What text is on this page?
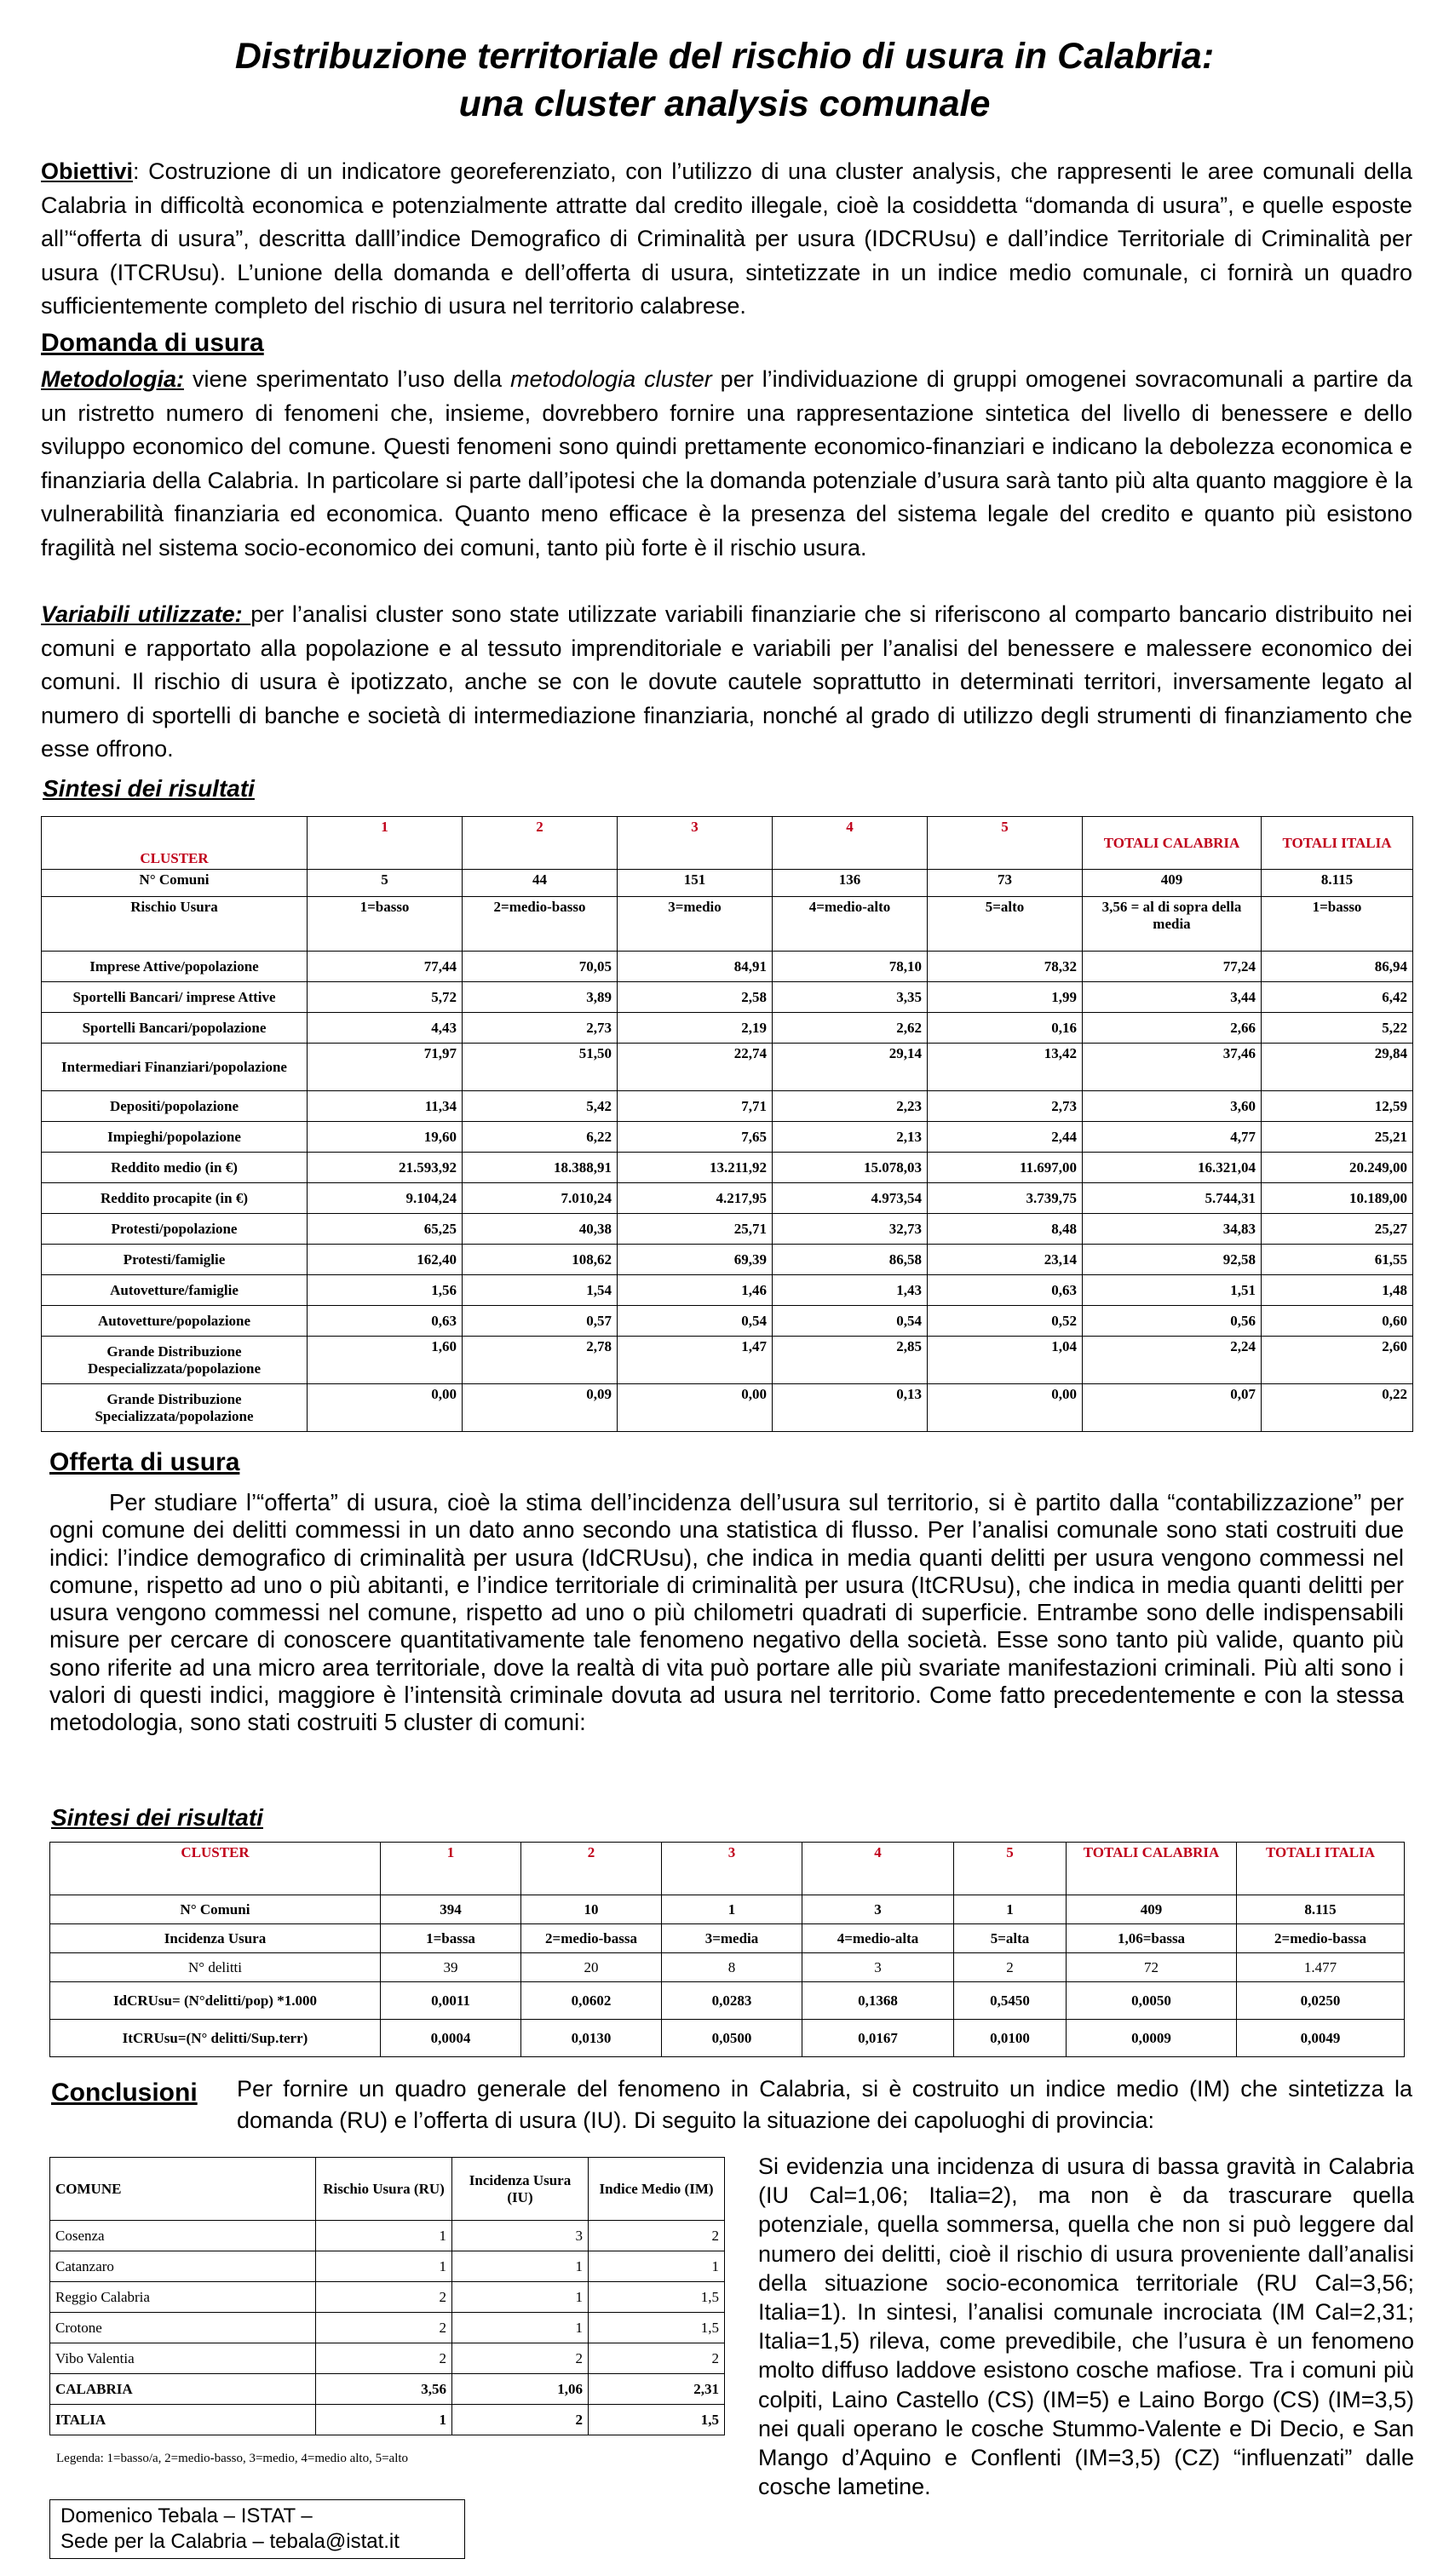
Distribuzione territoriale del rischio di usura in Calabria:
una cluster analysis comunale
Obiettivi: Costruzione di un indicatore georeferenziato, con l’utilizzo di una cluster analysis, che rappresenti le aree comunali della Calabria in difficoltà economica e potenzialmente attratte dal credito illegale, cioè la cosiddetta “domanda di usura”, e quelle esposte all’“offerta di usura”, descritta dalll’indice Demografico di Criminalità per usura (IDCRUsu) e dall’indice Territoriale di Criminalità per usura (ITCRUsu). L’unione della domanda e dell’offerta di usura, sintetizzate in un indice medio comunale, ci fornirà un quadro sufficientemente completo del rischio di usura nel territorio calabrese.
Domanda di usura
Metodologia: viene sperimentato l’uso della metodologia cluster per l’individuazione di gruppi omogenei sovracomunali a partire da un ristretto numero di fenomeni che, insieme, dovrebbero fornire una rappresentazione sintetica del livello di benessere e dello sviluppo economico del comune. Questi fenomeni sono quindi prettamente economico-finanziari e indicano la debolezza economica e finanziaria della Calabria. In particolare si parte dall’ipotesi che la domanda potenziale d’usura sarà tanto più alta quanto maggiore è la vulnerabilità finanziaria ed economica. Quanto meno efficace è la presenza del sistema legale del credito e quanto più esistono fragilità nel sistema socio-economico dei comuni, tanto più forte è il rischio usura.
Variabili utilizzate: per l’analisi cluster sono state utilizzate variabili finanziarie che si riferiscono al comparto bancario distribuito nei comuni e rapportato alla popolazione e al tessuto imprenditoriale e variabili per l’analisi del benessere e malessere economico dei comuni. Il rischio di usura è ipotizzato, anche se con le dovute cautele soprattutto in determinati territori, inversamente legato al numero di sportelli di banche e società di intermediazione finanziaria, nonché al grado di utilizzo degli strumenti di finanziamento che esse offrono.
Sintesi dei risultati
CLUSTER	1	2	3	4	5	TOTALI CALABRIA	TOTALI ITALIA
N° Comuni	5	44	151	136	73	409	8.115
Rischio Usura	1=basso	2=medio-basso	3=medio	4=medio-alto	5=alto	3,56 = al di sopra della media	1=basso
Imprese Attive/popolazione	77,44	70,05	84,91	78,10	78,32	77,24	86,94
Sportelli Bancari/ imprese Attive	5,72	3,89	2,58	3,35	1,99	3,44	6,42
Sportelli Bancari/popolazione	4,43	2,73	2,19	2,62	0,16	2,66	5,22
Intermediari Finanziari/popolazione	71,97	51,50	22,74	29,14	13,42	37,46	29,84
Depositi/popolazione	11,34	5,42	7,71	2,23	2,73	3,60	12,59
Impieghi/popolazione	19,60	6,22	7,65	2,13	2,44	4,77	25,21
Reddito medio (in €)	21.593,92	18.388,91	13.211,92	15.078,03	11.697,00	16.321,04	20.249,00
Reddito procapite (in €)	9.104,24	7.010,24	4.217,95	4.973,54	3.739,75	5.744,31	10.189,00
Protesti/popolazione	65,25	40,38	25,71	32,73	8,48	34,83	25,27
Protesti/famiglie	162,40	108,62	69,39	86,58	23,14	92,58	61,55
Autovetture/famiglie	1,56	1,54	1,46	1,43	0,63	1,51	1,48
Autovetture/popolazione	0,63	0,57	0,54	0,54	0,52	0,56	0,60
Grande Distribuzione Despecializzata/popolazione	1,60	2,78	1,47	2,85	1,04	2,24	2,60
Grande Distribuzione Specializzata/popolazione	0,00	0,09	0,00	0,13	0,00	0,07	0,22
Offerta di usura
Per studiare l’“offerta” di usura, cioè la stima dell’incidenza dell’usura sul territorio, si è partito dalla “contabilizzazione” per ogni comune dei delitti commessi in un dato anno secondo una statistica di flusso. Per l’analisi comunale sono stati costruiti due indici: l’indice demografico di criminalità per usura (IdCRUsu), che indica in media quanti delitti per usura vengono commessi nel comune, rispetto ad uno o più abitanti, e l’indice territoriale di criminalità per usura (ItCRUsu), che indica in media quanti delitti per usura vengono commessi nel comune, rispetto ad uno o più chilometri quadrati di superficie. Entrambe sono delle indispensabili misure per cercare di conoscere quantitativamente tale fenomeno negativo della società. Esse sono tanto più valide, quanto più sono riferite ad una micro area territoriale, dove la realtà di vita può portare alle più svariate manifestazioni criminali. Più alti sono i valori di questi indici, maggiore è l’intensità criminale dovuta ad usura nel territorio. Come fatto precedentemente e con la stessa metodologia, sono stati costruiti 5 cluster di comuni:
Sintesi dei risultati
CLUSTER	1	2	3	4	5	TOTALI CALABRIA	TOTALI ITALIA
N° Comuni	394	10	1	3	1	409	8.115
Incidenza Usura	1=bassa	2=medio-bassa	3=media	4=medio-alta	5=alta	1,06=bassa	2=medio-bassa
N° delitti	39	20	8	3	2	72	1.477
IdCRUsu= (N°delitti/pop) *1.000	0,0011	0,0602	0,0283	0,1368	0,5450	0,0050	0,0250
ItCRUsu=(N° delitti/Sup.terr)	0,0004	0,0130	0,0500	0,0167	0,0100	0,0009	0,0049
Conclusioni Per fornire un quadro generale del fenomeno in Calabria, si è costruito un indice medio (IM) che sintetizza la domanda (RU) e l’offerta di usura (IU). Di seguito la situazione dei capoluoghi di provincia:
COMUNE	Rischio Usura (RU)	Incidenza Usura (IU)	Indice Medio (IM)
Cosenza	1	3	2
Catanzaro	1	1	1
Reggio Calabria	2	1	1,5
Crotone	2	1	1,5
Vibo Valentia	2	2	2
CALABRIA	3,56	1,06	2,31
ITALIA	1	2	1,5
Legenda: 1=basso/a, 2=medio-basso, 3=medio, 4=medio alto, 5=alto
Si evidenzia una incidenza di usura di bassa gravità in Calabria (IU Cal=1,06; Italia=2), ma non è da trascurare quella potenziale, quella sommersa, quella che non si può leggere dal numero dei delitti, cioè il rischio di usura proveniente dall’analisi della situazione socio-economica territoriale (RU Cal=3,56; Italia=1). In sintesi, l’analisi comunale incrociata (IM Cal=2,31; Italia=1,5) rileva, come prevedibile, che l’usura è un fenomeno molto diffuso laddove esistono cosche mafiose. Tra i comuni più colpiti, Laino Castello (CS) (IM=5) e Laino Borgo (CS) (IM=3,5) nei quali operano le cosche Stummo-Valente e Di Decio, e San Mango d’Aquino e Conflenti (IM=3,5) (CZ) “influenzati” dalle cosche lametine.
Domenico Tebala – ISTAT –
Sede per la Calabria – tebala@istat.it
